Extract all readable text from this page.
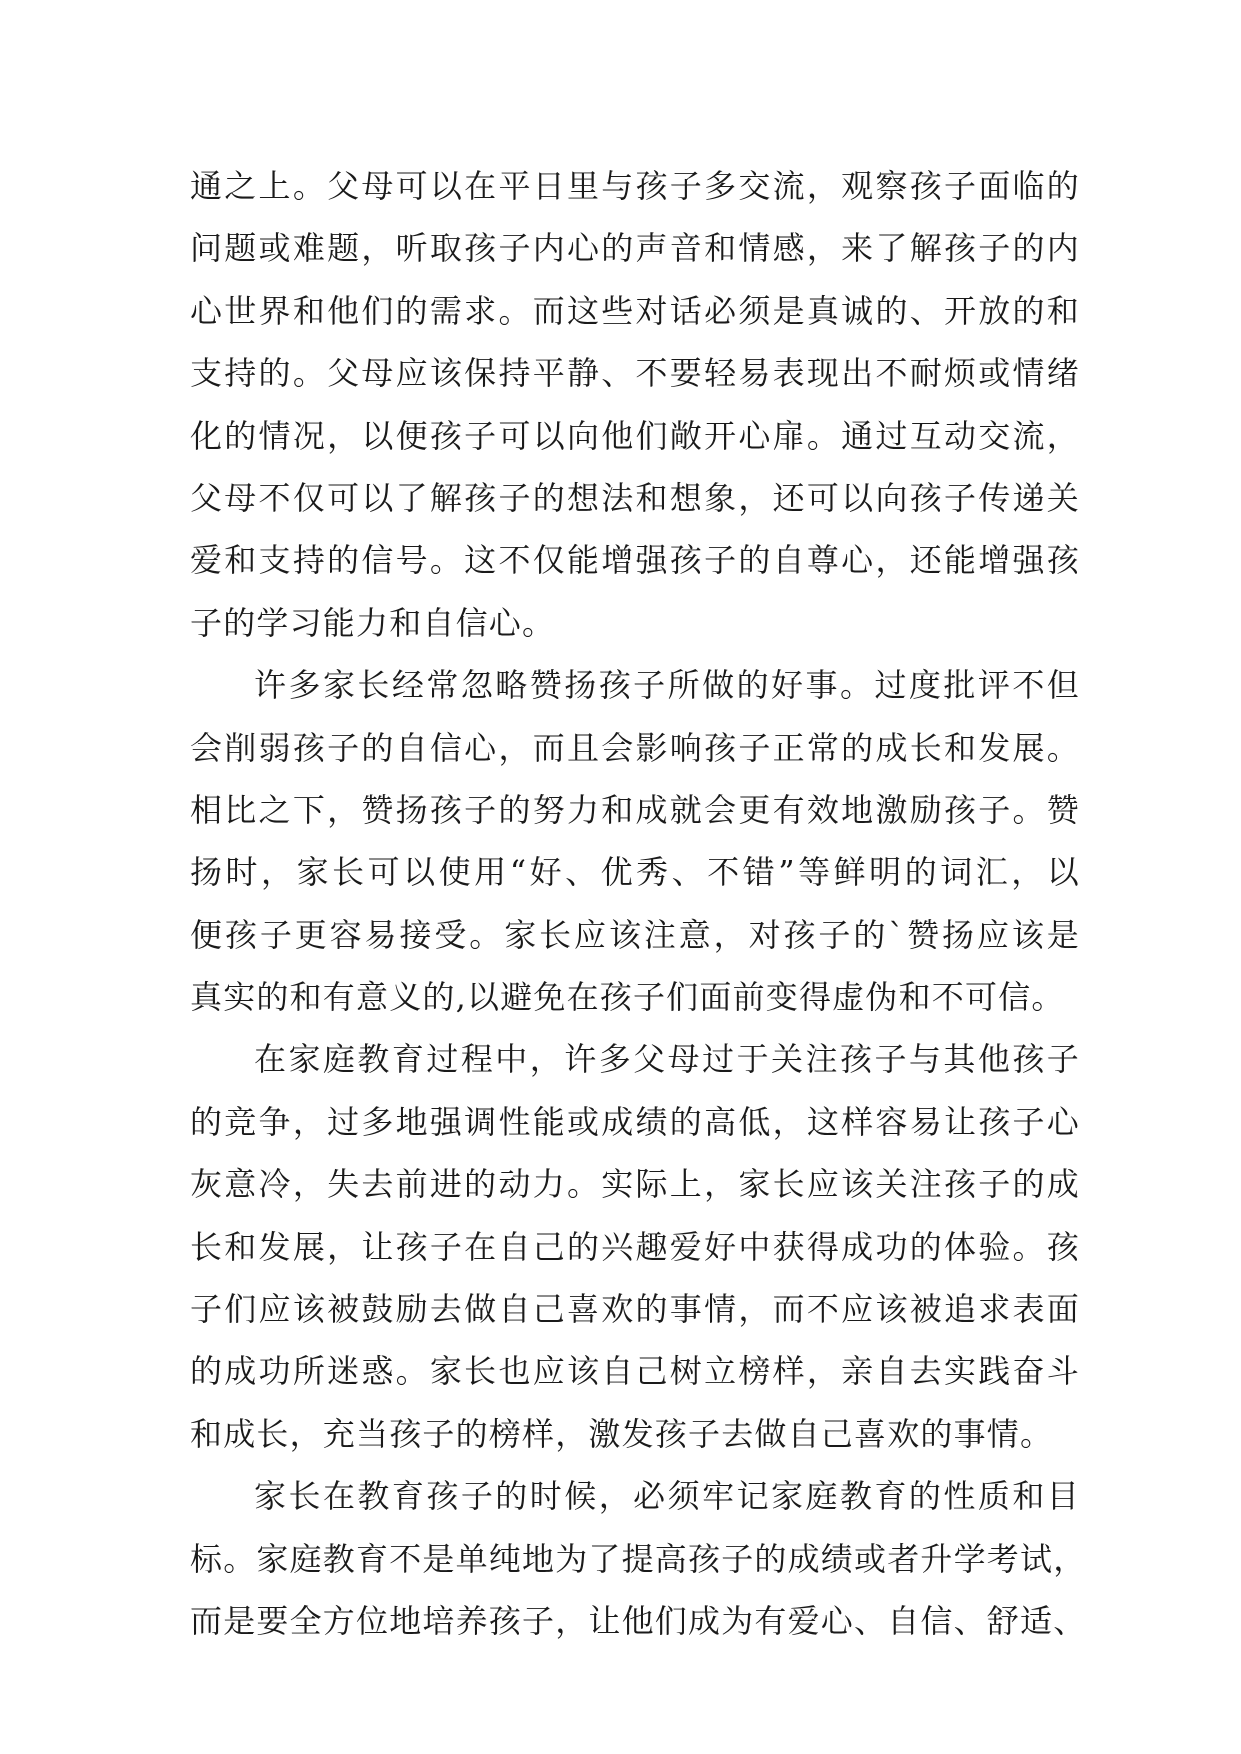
通之上。父母可以在平日里与孩子多交流，观察孩子面临的
问题或难题，听取孩子内心的声音和情感，来了解孩子的内
心世界和他们的需求。而这些对话必须是真诚的、开放的和
支持的。父母应该保持平静、不要轻易表现出不耐烦或情绪
化的情况，以便孩子可以向他们敞开心扉。通过互动交流，
父母不仅可以了解孩子的想法和想象，还可以向孩子传递关
爱和支持的信号。这不仅能增强孩子的自尊心，还能增强孩
子的学习能力和自信心。
许多家长经常忽略赞扬孩子所做的好事。过度批评不但
会削弱孩子的自信心，而且会影响孩子正常的成长和发展。
相比之下，赞扬孩子的努力和成就会更有效地激励孩子。赞
扬时，家长可以使用“好、优秀、不错”等鲜明的词汇，以
便孩子更容易接受。家长应该注意，对孩子的`赞扬应该是
真实的和有意义的,以避免在孩子们面前变得虚伪和不可信。
在家庭教育过程中，许多父母过于关注孩子与其他孩子
的竞争，过多地强调性能或成绩的高低，这样容易让孩子心
灰意冷，失去前进的动力。实际上，家长应该关注孩子的成
长和发展，让孩子在自己的兴趣爱好中获得成功的体验。孩
子们应该被鼓励去做自己喜欢的事情，而不应该被追求表面
的成功所迷惑。家长也应该自己树立榜样，亲自去实践奋斗
和成长，充当孩子的榜样，激发孩子去做自己喜欢的事情。
家长在教育孩子的时候，必须牢记家庭教育的性质和目
标。家庭教育不是单纯地为了提高孩子的成绩或者升学考试，
而是要全方位地培养孩子，让他们成为有爱心、自信、舒适、
